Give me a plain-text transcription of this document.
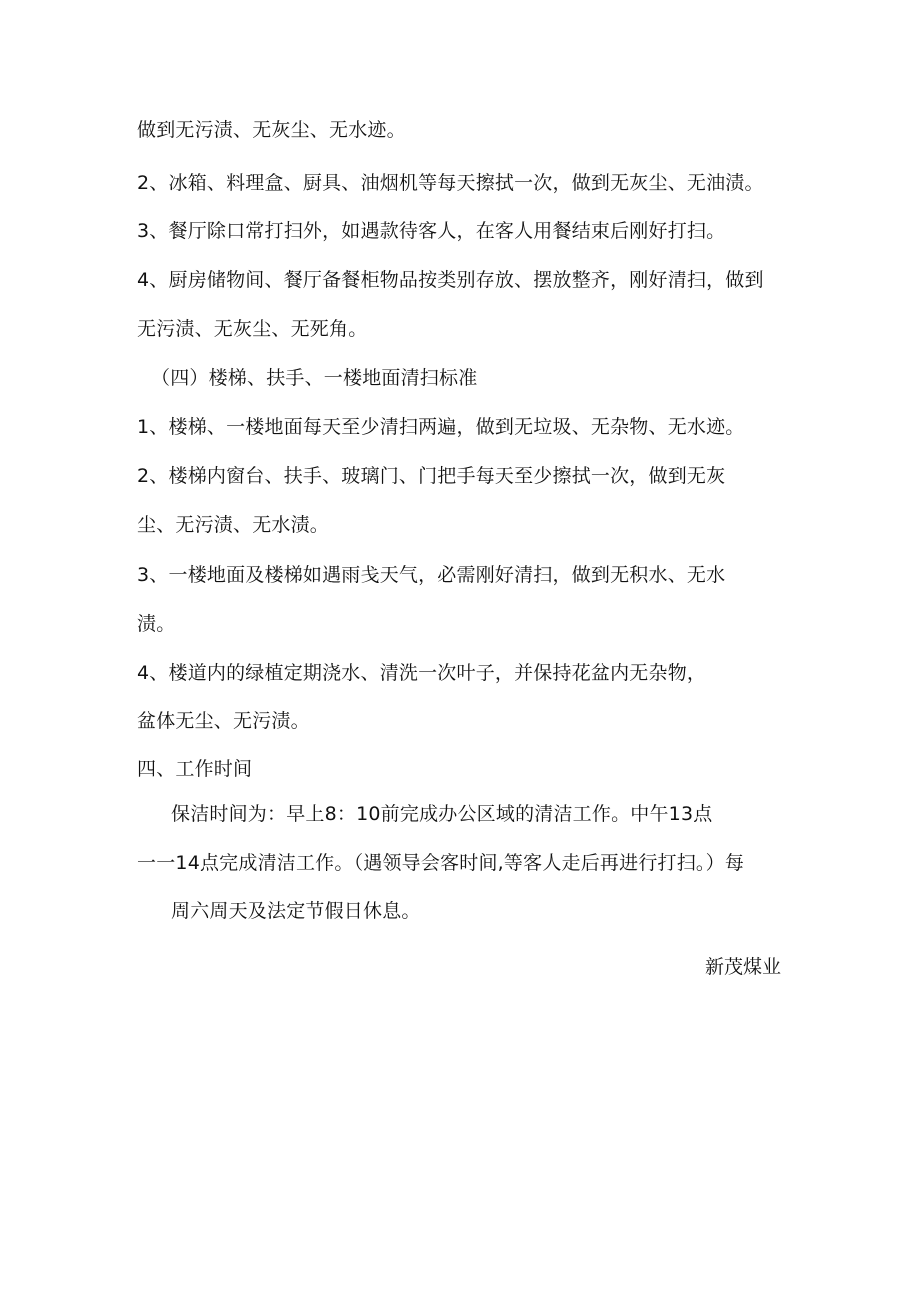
做到无污渍、无灰尘、无水迹。
2、冰箱、料理盒、厨具、油烟机等每天擦拭一次，做到无灰尘、无油渍。
3、餐厅除口常打扫外，如遇款待客人，在客人用餐结束后刚好打扫。
4、厨房储物间、餐厅备餐柜物品按类别存放、摆放整齐，刚好清扫，做到
无污渍、无灰尘、无死角。
（四）楼梯、扶手、一楼地面清扫标准
1、楼梯、一楼地面每天至少清扫两遍，做到无垃圾、无杂物、无水迹。
2、楼梯内窗台、扶手、玻璃门、门把手每天至少擦拭一次，做到无灰
尘、无污渍、无水渍。
3、一楼地面及楼梯如遇雨戋天气，必需刚好清扫，做到无积水、无水
渍。
4、楼道内的绿植定期浇水、清洗一次叶子，并保持花盆内无杂物，
盆体无尘、无污渍。
四、工作时间
保洁时间为：早上8：10前完成办公区域的清洁工作。中午13点
一一14点完成清洁工作。（遇领导会客时间,等客人走后再进行打扫。）每
周六周天及法定节假日休息。
新茂煤业
